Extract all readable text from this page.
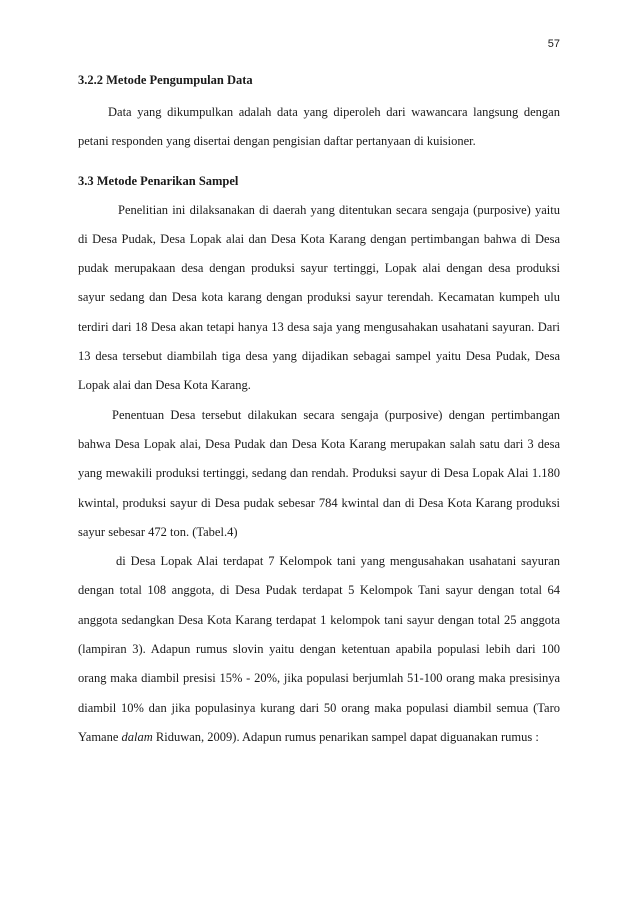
57

3.2.2 Metode Pengumpulan Data

Data yang dikumpulkan adalah data yang diperoleh dari wawancara langsung dengan petani responden yang disertai dengan pengisian daftar pertanyaan di kuisioner.

3.3 Metode Penarikan Sampel

Penelitian ini dilaksanakan di daerah yang ditentukan secara sengaja (purposive) yaitu di Desa Pudak, Desa Lopak alai dan Desa Kota Karang dengan pertimbangan bahwa di Desa pudak merupakaan desa dengan produksi sayur tertinggi, Lopak alai dengan desa produksi sayur sedang dan Desa kota karang dengan produksi sayur terendah. Kecamatan kumpeh ulu terdiri dari 18 Desa akan tetapi hanya 13 desa saja yang mengusahakan usahatani sayuran. Dari 13 desa tersebut diambilah tiga desa yang dijadikan sebagai sampel yaitu Desa Pudak, Desa Lopak alai dan Desa Kota Karang.

Penentuan Desa tersebut dilakukan secara sengaja (purposive) dengan pertimbangan bahwa Desa Lopak alai, Desa Pudak dan Desa Kota Karang merupakan salah satu dari 3 desa yang mewakili produksi tertinggi, sedang dan rendah. Produksi sayur di Desa Lopak Alai 1.180 kwintal, produksi sayur di Desa pudak sebesar 784 kwintal dan di Desa Kota Karang produksi sayur sebesar 472 ton. (Tabel.4)

di Desa Lopak Alai terdapat 7 Kelompok tani yang mengusahakan usahatani sayuran dengan total 108 anggota, di Desa Pudak terdapat 5 Kelompok Tani sayur dengan total 64 anggota sedangkan Desa Kota Karang terdapat 1 kelompok tani sayur dengan total 25 anggota (lampiran 3). Adapun rumus slovin yaitu dengan ketentuan apabila populasi lebih dari 100 orang maka diambil presisi 15% - 20%, jika populasi berjumlah 51-100 orang maka presisinya diambil 10% dan jika populasinya kurang dari 50 orang maka populasi diambil semua (Taro Yamane dalam Riduwan, 2009). Adapun rumus penarikan sampel dapat diguanakan rumus :
